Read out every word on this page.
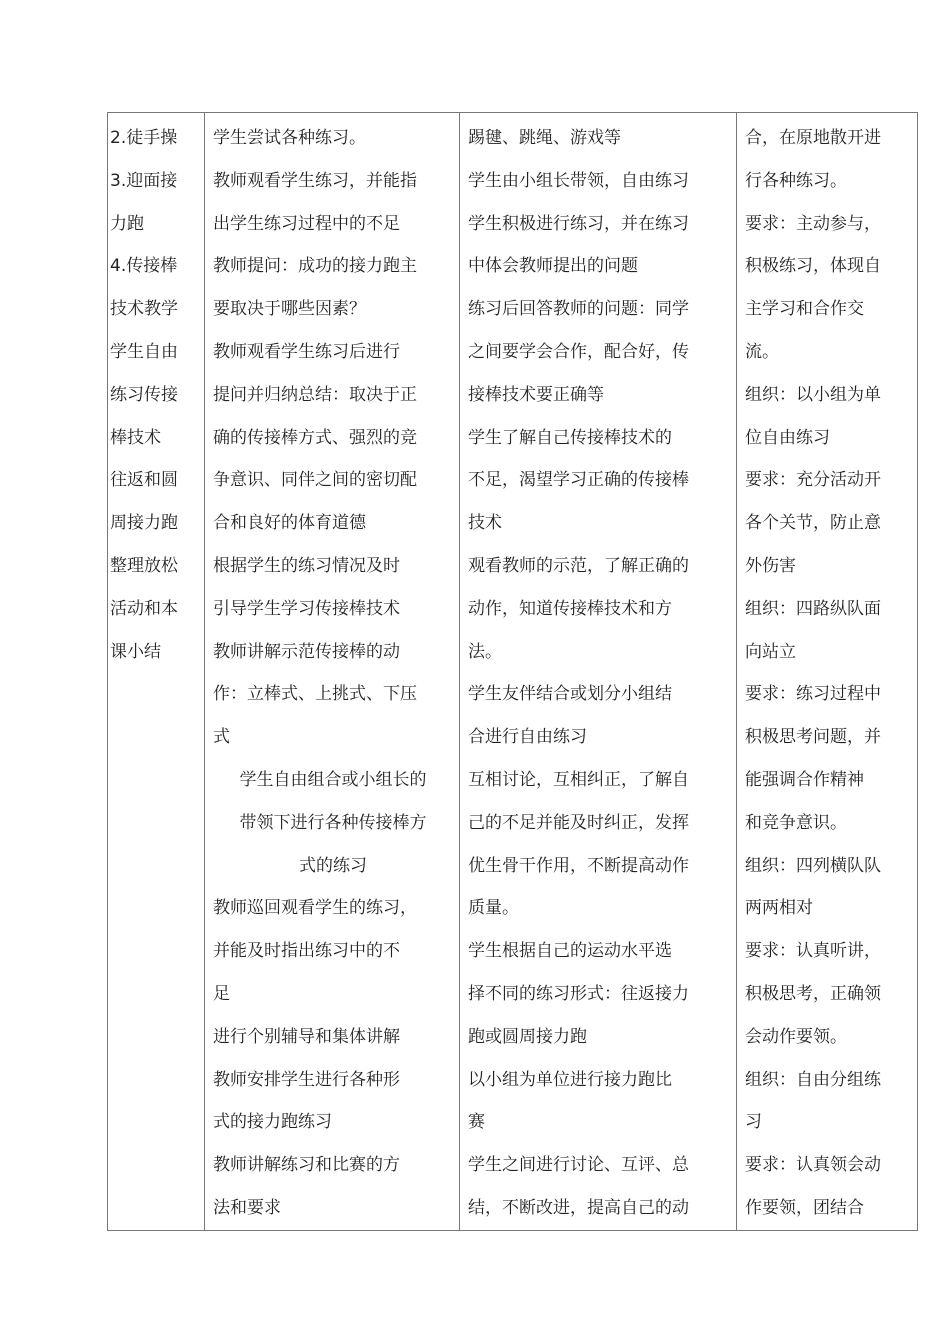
2.徒手操
3.迎面接
力跑
4.传接棒
技术教学
学生自由
练习传接
棒技术
往返和圆
周接力跑
整理放松
活动和本
课小结

学生尝试各种练习。
教师观看学生练习，并能指
出学生练习过程中的不足
教师提问：成功的接力跑主
要取决于哪些因素？
教师观看学生练习后进行
提问并归纳总结：取决于正
确的传接棒方式、强烈的竞
争意识、同伴之间的密切配
合和良好的体育道德
根据学生的练习情况及时
引导学生学习传接棒技术
教师讲解示范传接棒的动
作：立棒式、上挑式、下压
式
学生自由组合或小组长的
带领下进行各种传接棒方
式的练习
教师巡回观看学生的练习，
并能及时指出练习中的不
足
进行个别辅导和集体讲解
教师安排学生进行各种形
式的接力跑练习
教师讲解练习和比赛的方
法和要求

踢毽、跳绳、游戏等
学生由小组长带领，自由练习
学生积极进行练习，并在练习
中体会教师提出的问题
练习后回答教师的问题：同学
之间要学会合作，配合好，传
接棒技术要正确等
学生了解自己传接棒技术的
不足，渴望学习正确的传接棒
技术
观看教师的示范，了解正确的
动作，知道传接棒技术和方
法。
学生友伴结合或划分小组结
合进行自由练习
互相讨论，互相纠正，了解自
己的不足并能及时纠正，发挥
优生骨干作用，不断提高动作
质量。
学生根据自己的运动水平选
择不同的练习形式：往返接力
跑或圆周接力跑
以小组为单位进行接力跑比
赛
学生之间进行讨论、互评、总
结，不断改进，提高自己的动

合，在原地散开进
行各种练习。
要求：主动参与，
积极练习，体现自
主学习和合作交
流。
组织：以小组为单
位自由练习
要求：充分活动开
各个关节，防止意
外伤害
组织：四路纵队面
向站立
要求：练习过程中
积极思考问题，并
能强调合作精神
和竞争意识。
组织：四列横队队
两两相对
要求：认真听讲，
积极思考，正确领
会动作要领。
组织：自由分组练
习
要求：认真领会动
作要领，团结合
